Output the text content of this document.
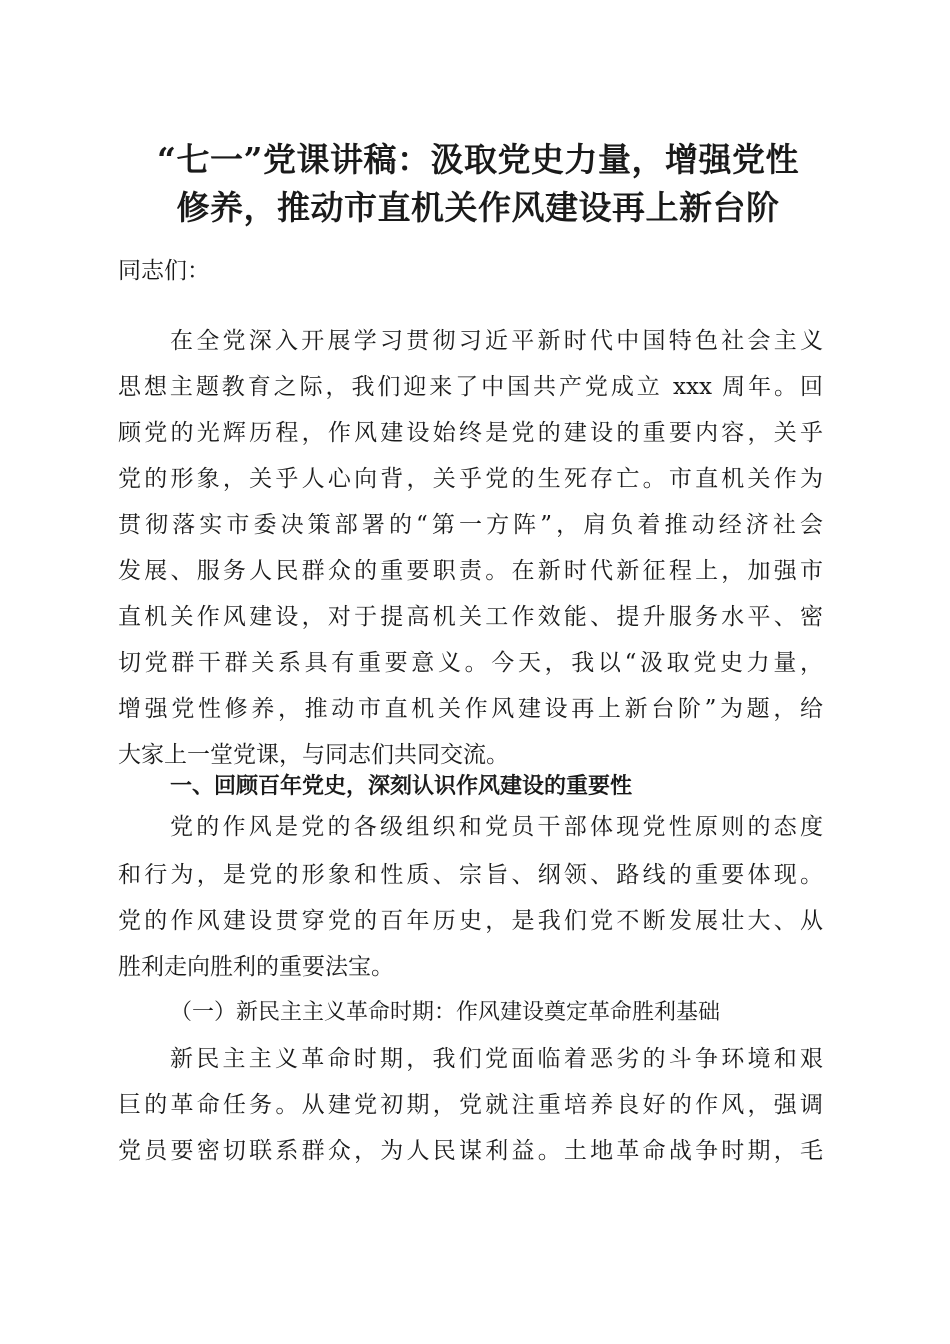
“七一”党课讲稿：汲取党史力量，增强党性
修养，推动市直机关作风建设再上新台阶
同志们：
在全党深入开展学习贯彻习近平新时代中国特色社会主义
思想主题教育之际，我们迎来了中国共产党成立 xxx 周年。回
顾党的光辉历程，作风建设始终是党的建设的重要内容，关乎
党的形象，关乎人心向背，关乎党的生死存亡。市直机关作为
贯彻落实市委决策部署的“第一方阵”，肩负着推动经济社会
发展、服务人民群众的重要职责。在新时代新征程上，加强市
直机关作风建设，对于提高机关工作效能、提升服务水平、密
切党群干群关系具有重要意义。今天，我以“汲取党史力量，
增强党性修养，推动市直机关作风建设再上新台阶”为题，给
大家上一堂党课，与同志们共同交流。
一、回顾百年党史，深刻认识作风建设的重要性
党的作风是党的各级组织和党员干部体现党性原则的态度
和行为，是党的形象和性质、宗旨、纲领、路线的重要体现。
党的作风建设贯穿党的百年历史，是我们党不断发展壮大、从
胜利走向胜利的重要法宝。
（一）新民主主义革命时期：作风建设奠定革命胜利基础
新民主主义革命时期，我们党面临着恶劣的斗争环境和艰
巨的革命任务。从建党初期，党就注重培养良好的作风，强调
党员要密切联系群众，为人民谋利益。土地革命战争时期，毛
